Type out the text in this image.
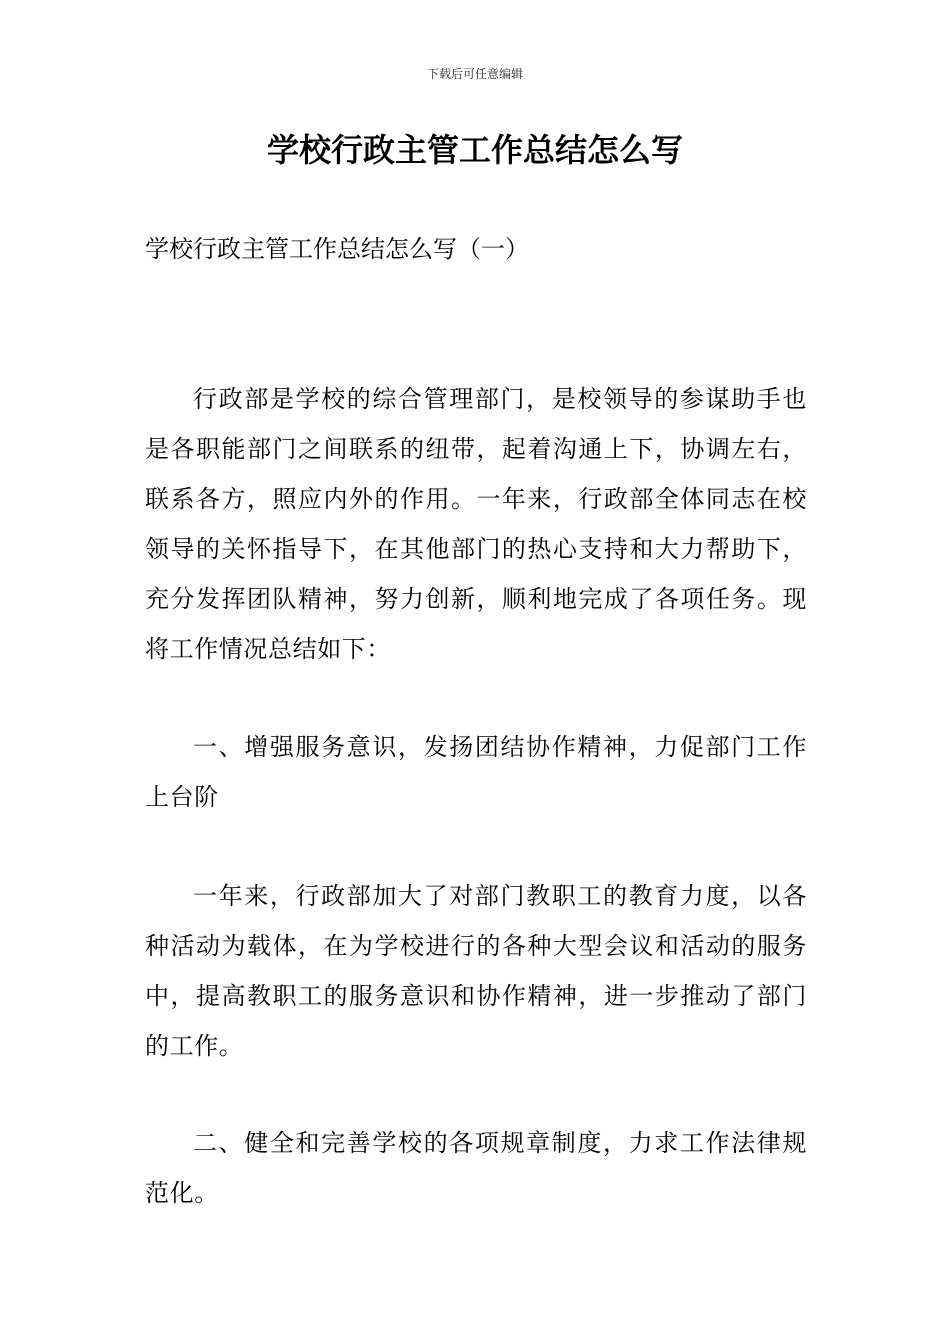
下载后可任意编辑
学校行政主管工作总结怎么写

学校行政主管工作总结怎么写（一）

行政部是学校的综合管理部门，是校领导的参谋助手也是各职能部门之间联系的纽带，起着沟通上下，协调左右，联系各方，照应内外的作用。一年来，行政部全体同志在校领导的关怀指导下，在其他部门的热心支持和大力帮助下，充分发挥团队精神，努力创新，顺利地完成了各项任务。现将工作情况总结如下：

一、增强服务意识，发扬团结协作精神，力促部门工作上台阶

一年来，行政部加大了对部门教职工的教育力度，以各种活动为载体，在为学校进行的各种大型会议和活动的服务中，提高教职工的服务意识和协作精神，进一步推动了部门的工作。

二、健全和完善学校的各项规章制度，力求工作法律规范化。
